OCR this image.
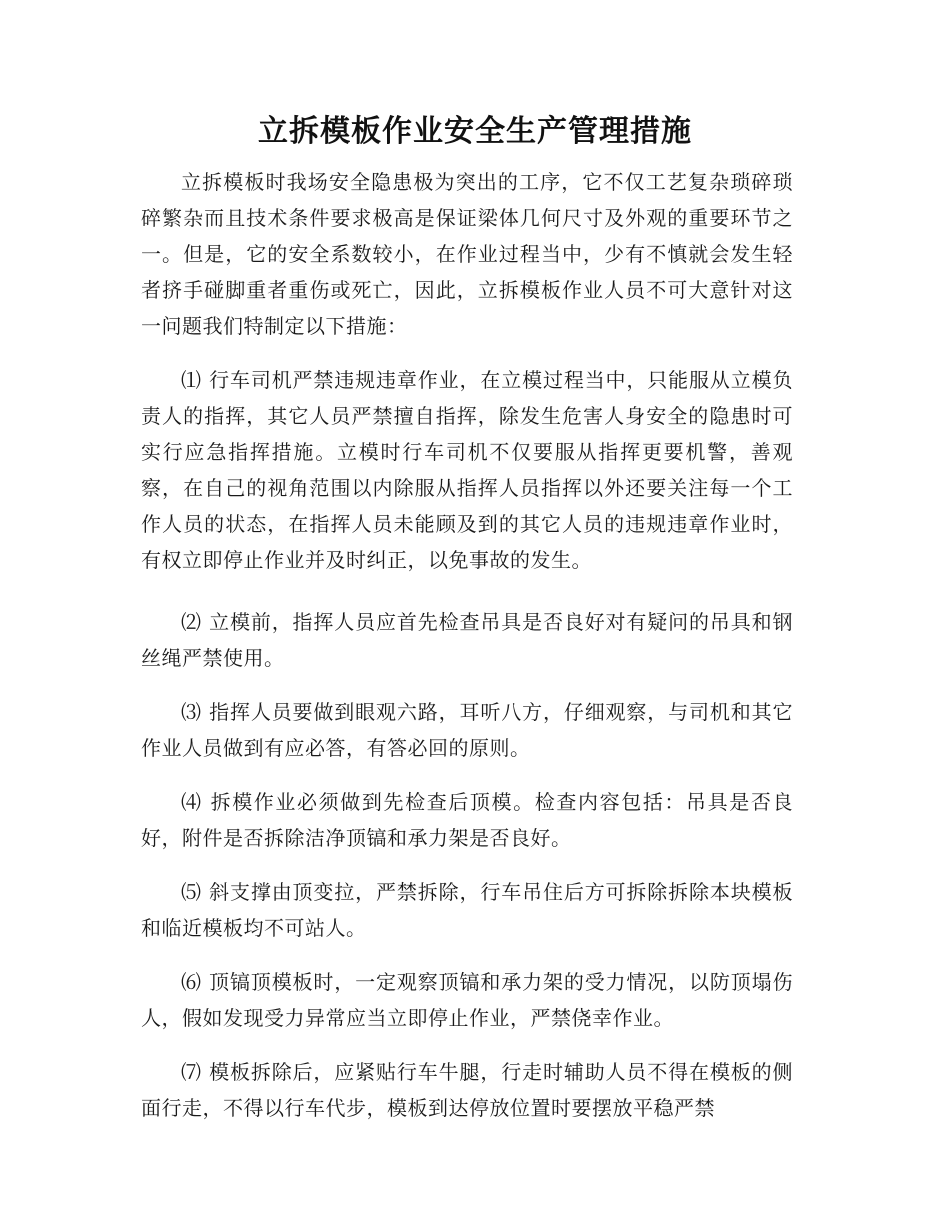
立拆模板作业安全生产管理措施

立拆模板时我场安全隐患极为突出的工序，它不仅工艺复杂琐碎琐碎繁杂而且技术条件要求极高是保证梁体几何尺寸及外观的重要环节之一。但是，它的安全系数较小，在作业过程当中，少有不慎就会发生轻者挤手碰脚重者重伤或死亡，因此，立拆模板作业人员不可大意针对这一问题我们特制定以下措施：

⑴ 行车司机严禁违规违章作业，在立模过程当中，只能服从立模负责人的指挥，其它人员严禁擅自指挥，除发生危害人身安全的隐患时可实行应急指挥措施。立模时行车司机不仅要服从指挥更要机警，善观察，在自己的视角范围以内除服从指挥人员指挥以外还要关注每一个工作人员的状态，在指挥人员未能顾及到的其它人员的违规违章作业时，有权立即停止作业并及时纠正，以免事故的发生。

⑵ 立模前，指挥人员应首先检查吊具是否良好对有疑问的吊具和钢丝绳严禁使用。

⑶ 指挥人员要做到眼观六路，耳听八方，仔细观察，与司机和其它作业人员做到有应必答，有答必回的原则。

⑷ 拆模作业必须做到先检查后顶模。检查内容包括：吊具是否良好，附件是否拆除洁净顶镐和承力架是否良好。

⑸ 斜支撑由顶变拉，严禁拆除，行车吊住后方可拆除拆除本块模板和临近模板均不可站人。

⑹ 顶镐顶模板时，一定观察顶镐和承力架的受力情况，以防顶塌伤人，假如发现受力异常应当立即停止作业，严禁侥幸作业。

⑺ 模板拆除后，应紧贴行车牛腿，行走时辅助人员不得在模板的侧面行走，不得以行车代步，模板到达停放位置时要摆放平稳严禁
